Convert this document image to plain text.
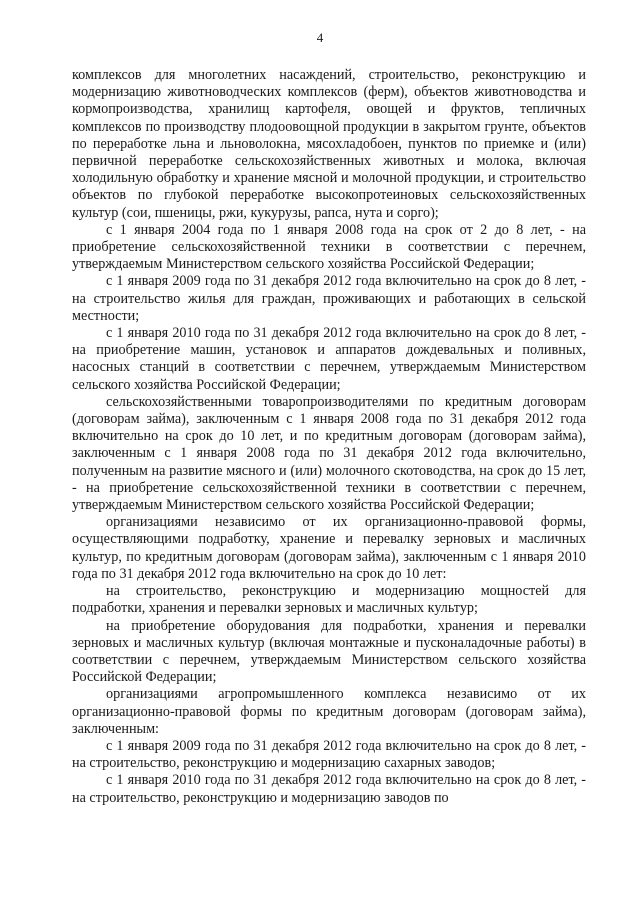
4

комплексов для многолетних насаждений, строительство, реконструкцию и модернизацию животноводческих комплексов (ферм), объектов животноводства и кормопроизводства, хранилищ картофеля, овощей и фруктов, тепличных комплексов по производству плодоовощной продукции в закрытом грунте, объектов по переработке льна и льноволокна, мясохладобоен, пунктов по приемке и (или) первичной переработке сельскохозяйственных животных и молока, включая холодильную обработку и хранение мясной и молочной продукции, и строительство объектов по глубокой переработке высокопротеиновых сельскохозяйственных культур (сои, пшеницы, ржи, кукурузы, рапса, нута и сорго);

с 1 января 2004 года по 1 января 2008 года на срок от 2 до 8 лет, - на приобретение сельскохозяйственной техники в соответствии с перечнем, утверждаемым Министерством сельского хозяйства Российской Федерации;

с 1 января 2009 года по 31 декабря 2012 года включительно на срок до 8 лет, - на строительство жилья для граждан, проживающих и работающих в сельской местности;

с 1 января 2010 года по 31 декабря 2012 года включительно на срок до 8 лет, - на приобретение машин, установок и аппаратов дождевальных и поливных, насосных станций в соответствии с перечнем, утверждаемым Министерством сельского хозяйства Российской Федерации;

сельскохозяйственными товаропроизводителями по кредитным договорам (договорам займа), заключенным с 1 января 2008 года по 31 декабря 2012 года включительно на срок до 10 лет, и по кредитным договорам (договорам займа), заключенным с 1 января 2008 года по 31 декабря 2012 года включительно, полученным на развитие мясного и (или) молочного скотоводства, на срок до 15 лет, - на приобретение сельскохозяйственной техники в соответствии с перечнем, утверждаемым Министерством сельского хозяйства Российской Федерации;

организациями независимо от их организационно-правовой формы, осуществляющими подработку, хранение и перевалку зерновых и масличных культур, по кредитным договорам (договорам займа), заключенным с 1 января 2010 года по 31 декабря 2012 года включительно на срок до 10 лет:

на строительство, реконструкцию и модернизацию мощностей для подработки, хранения и перевалки зерновых и масличных культур;

на приобретение оборудования для подработки, хранения и перевалки зерновых и масличных культур (включая монтажные и пусконаладочные работы) в соответствии с перечнем, утверждаемым Министерством сельского хозяйства Российской Федерации;

организациями агропромышленного комплекса независимо от их организационно-правовой формы по кредитным договорам (договорам займа), заключенным:

с 1 января 2009 года по 31 декабря 2012 года включительно на срок до 8 лет, - на строительство, реконструкцию и модернизацию сахарных заводов;

с 1 января 2010 года по 31 декабря 2012 года включительно на срок до 8 лет, - на строительство, реконструкцию и модернизацию заводов по
